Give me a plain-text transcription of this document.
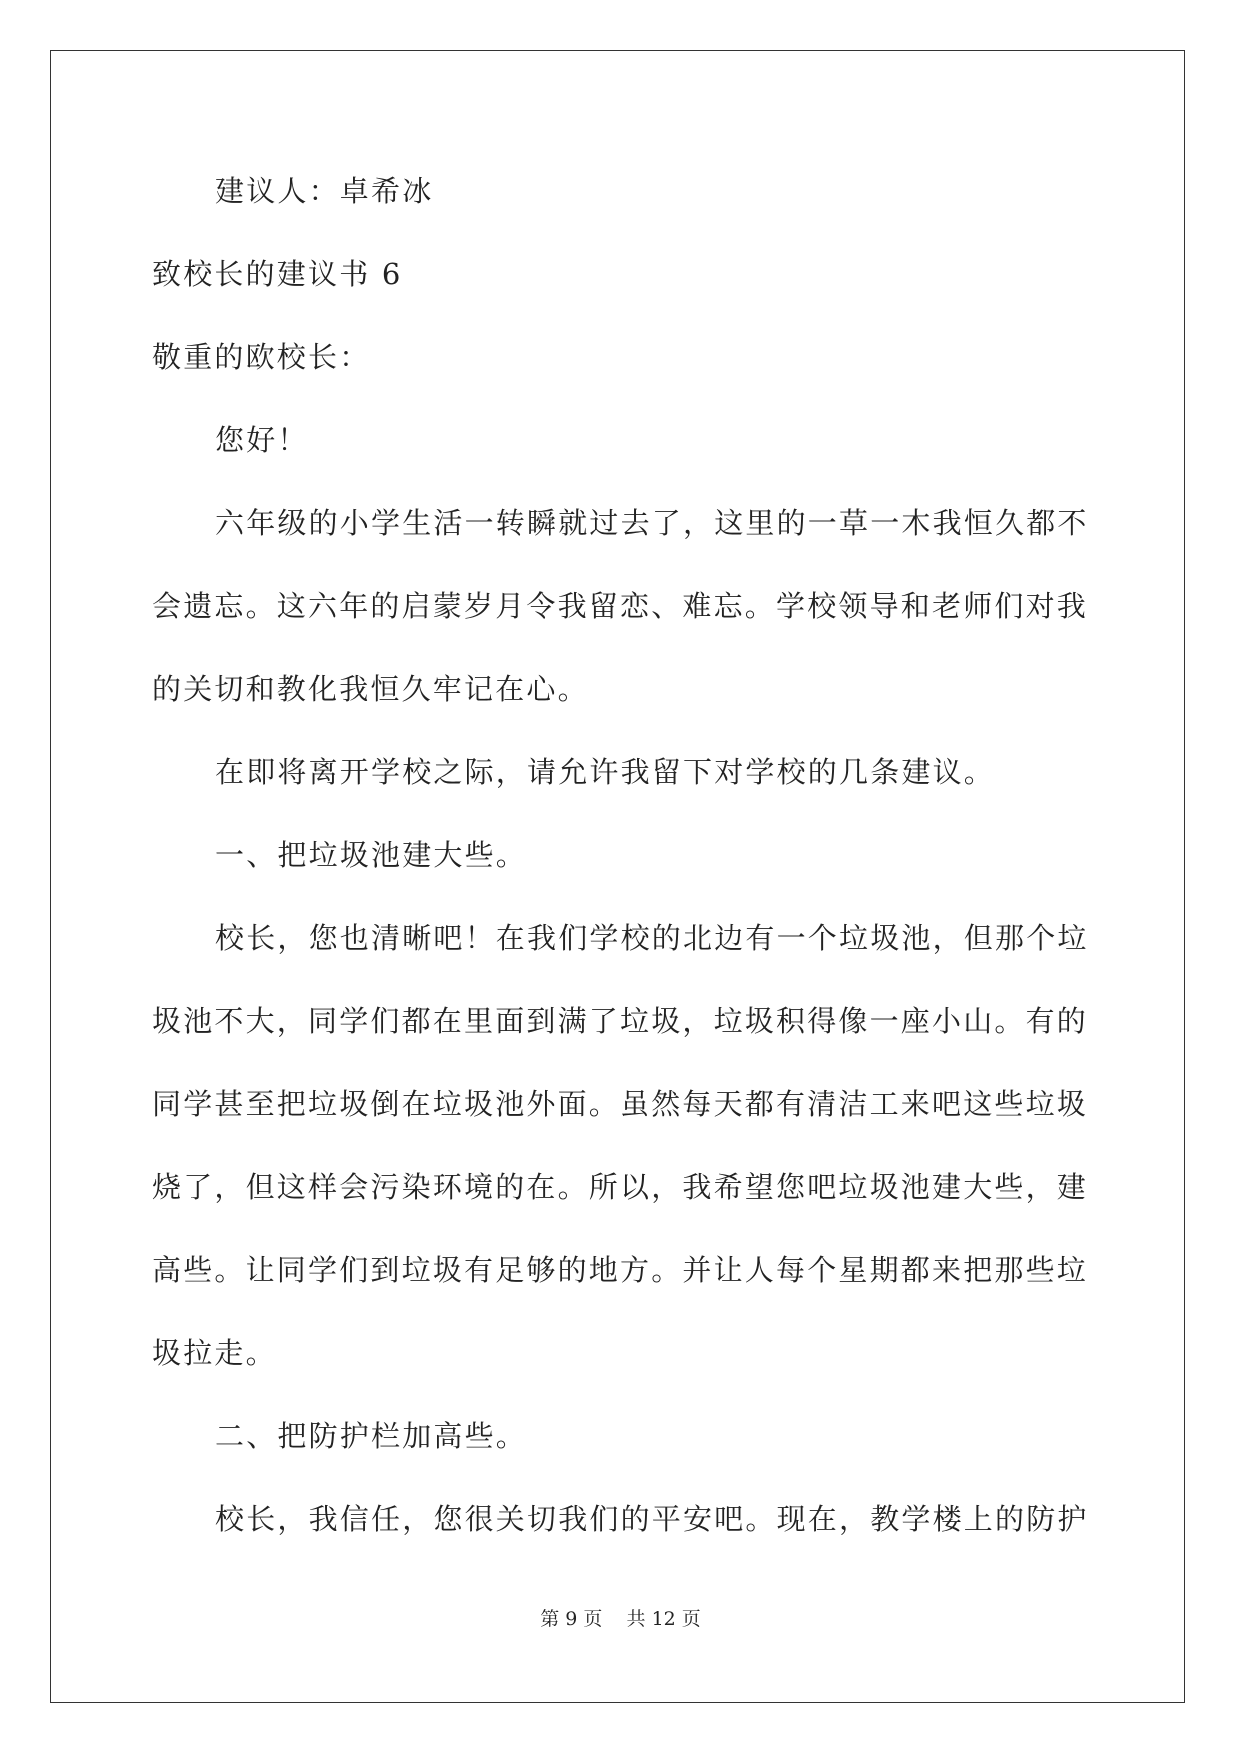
建议人：卓希冰
致校长的建议书 6
敬重的欧校长：
您好！
六年级的小学生活一转瞬就过去了，这里的一草一木我恒久都不
会遗忘。这六年的启蒙岁月令我留恋、难忘。学校领导和老师们对我
的关切和教化我恒久牢记在心。
在即将离开学校之际，请允许我留下对学校的几条建议。
一、把垃圾池建大些。
校长，您也清晰吧！在我们学校的北边有一个垃圾池，但那个垃
圾池不大，同学们都在里面到满了垃圾，垃圾积得像一座小山。有的
同学甚至把垃圾倒在垃圾池外面。虽然每天都有清洁工来吧这些垃圾
烧了，但这样会污染环境的在。所以，我希望您吧垃圾池建大些，建
高些。让同学们到垃圾有足够的地方。并让人每个星期都来把那些垃
圾拉走。
二、把防护栏加高些。
校长，我信任，您很关切我们的平安吧。现在，教学楼上的防护
第 9 页 共 12 页
